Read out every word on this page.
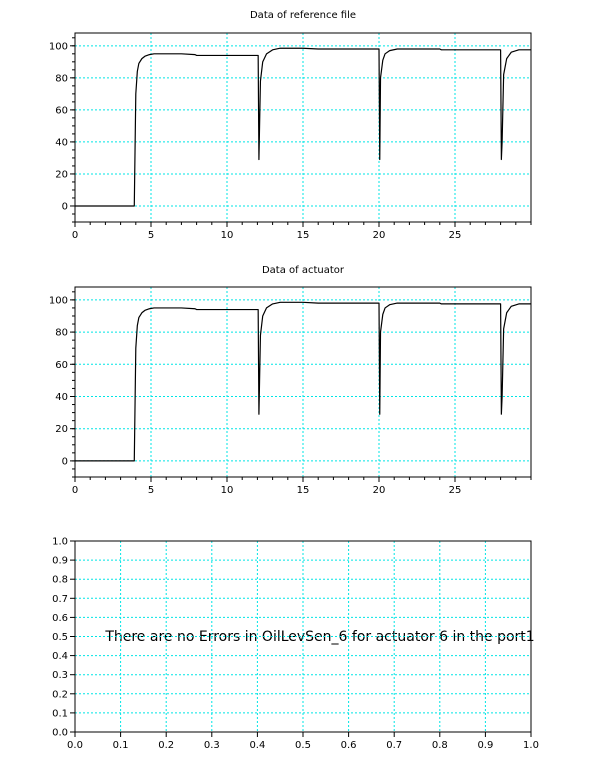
Data of reference file
0	5	10	15	20	25
0
20
40
60
80
100
Data of actuator
0	5	10	15	20	25
0
20
40
60
80
100
There are no Errors in OilLevSen_6 for actuator 6 in the port1
0.0	0.1	0.2	0.3	0.4	0.5	0.6	0.7	0.8	0.9	1.0
0.0
0.1
0.2
0.3
0.4
0.5
0.6
0.7
0.8
0.9
1.0
